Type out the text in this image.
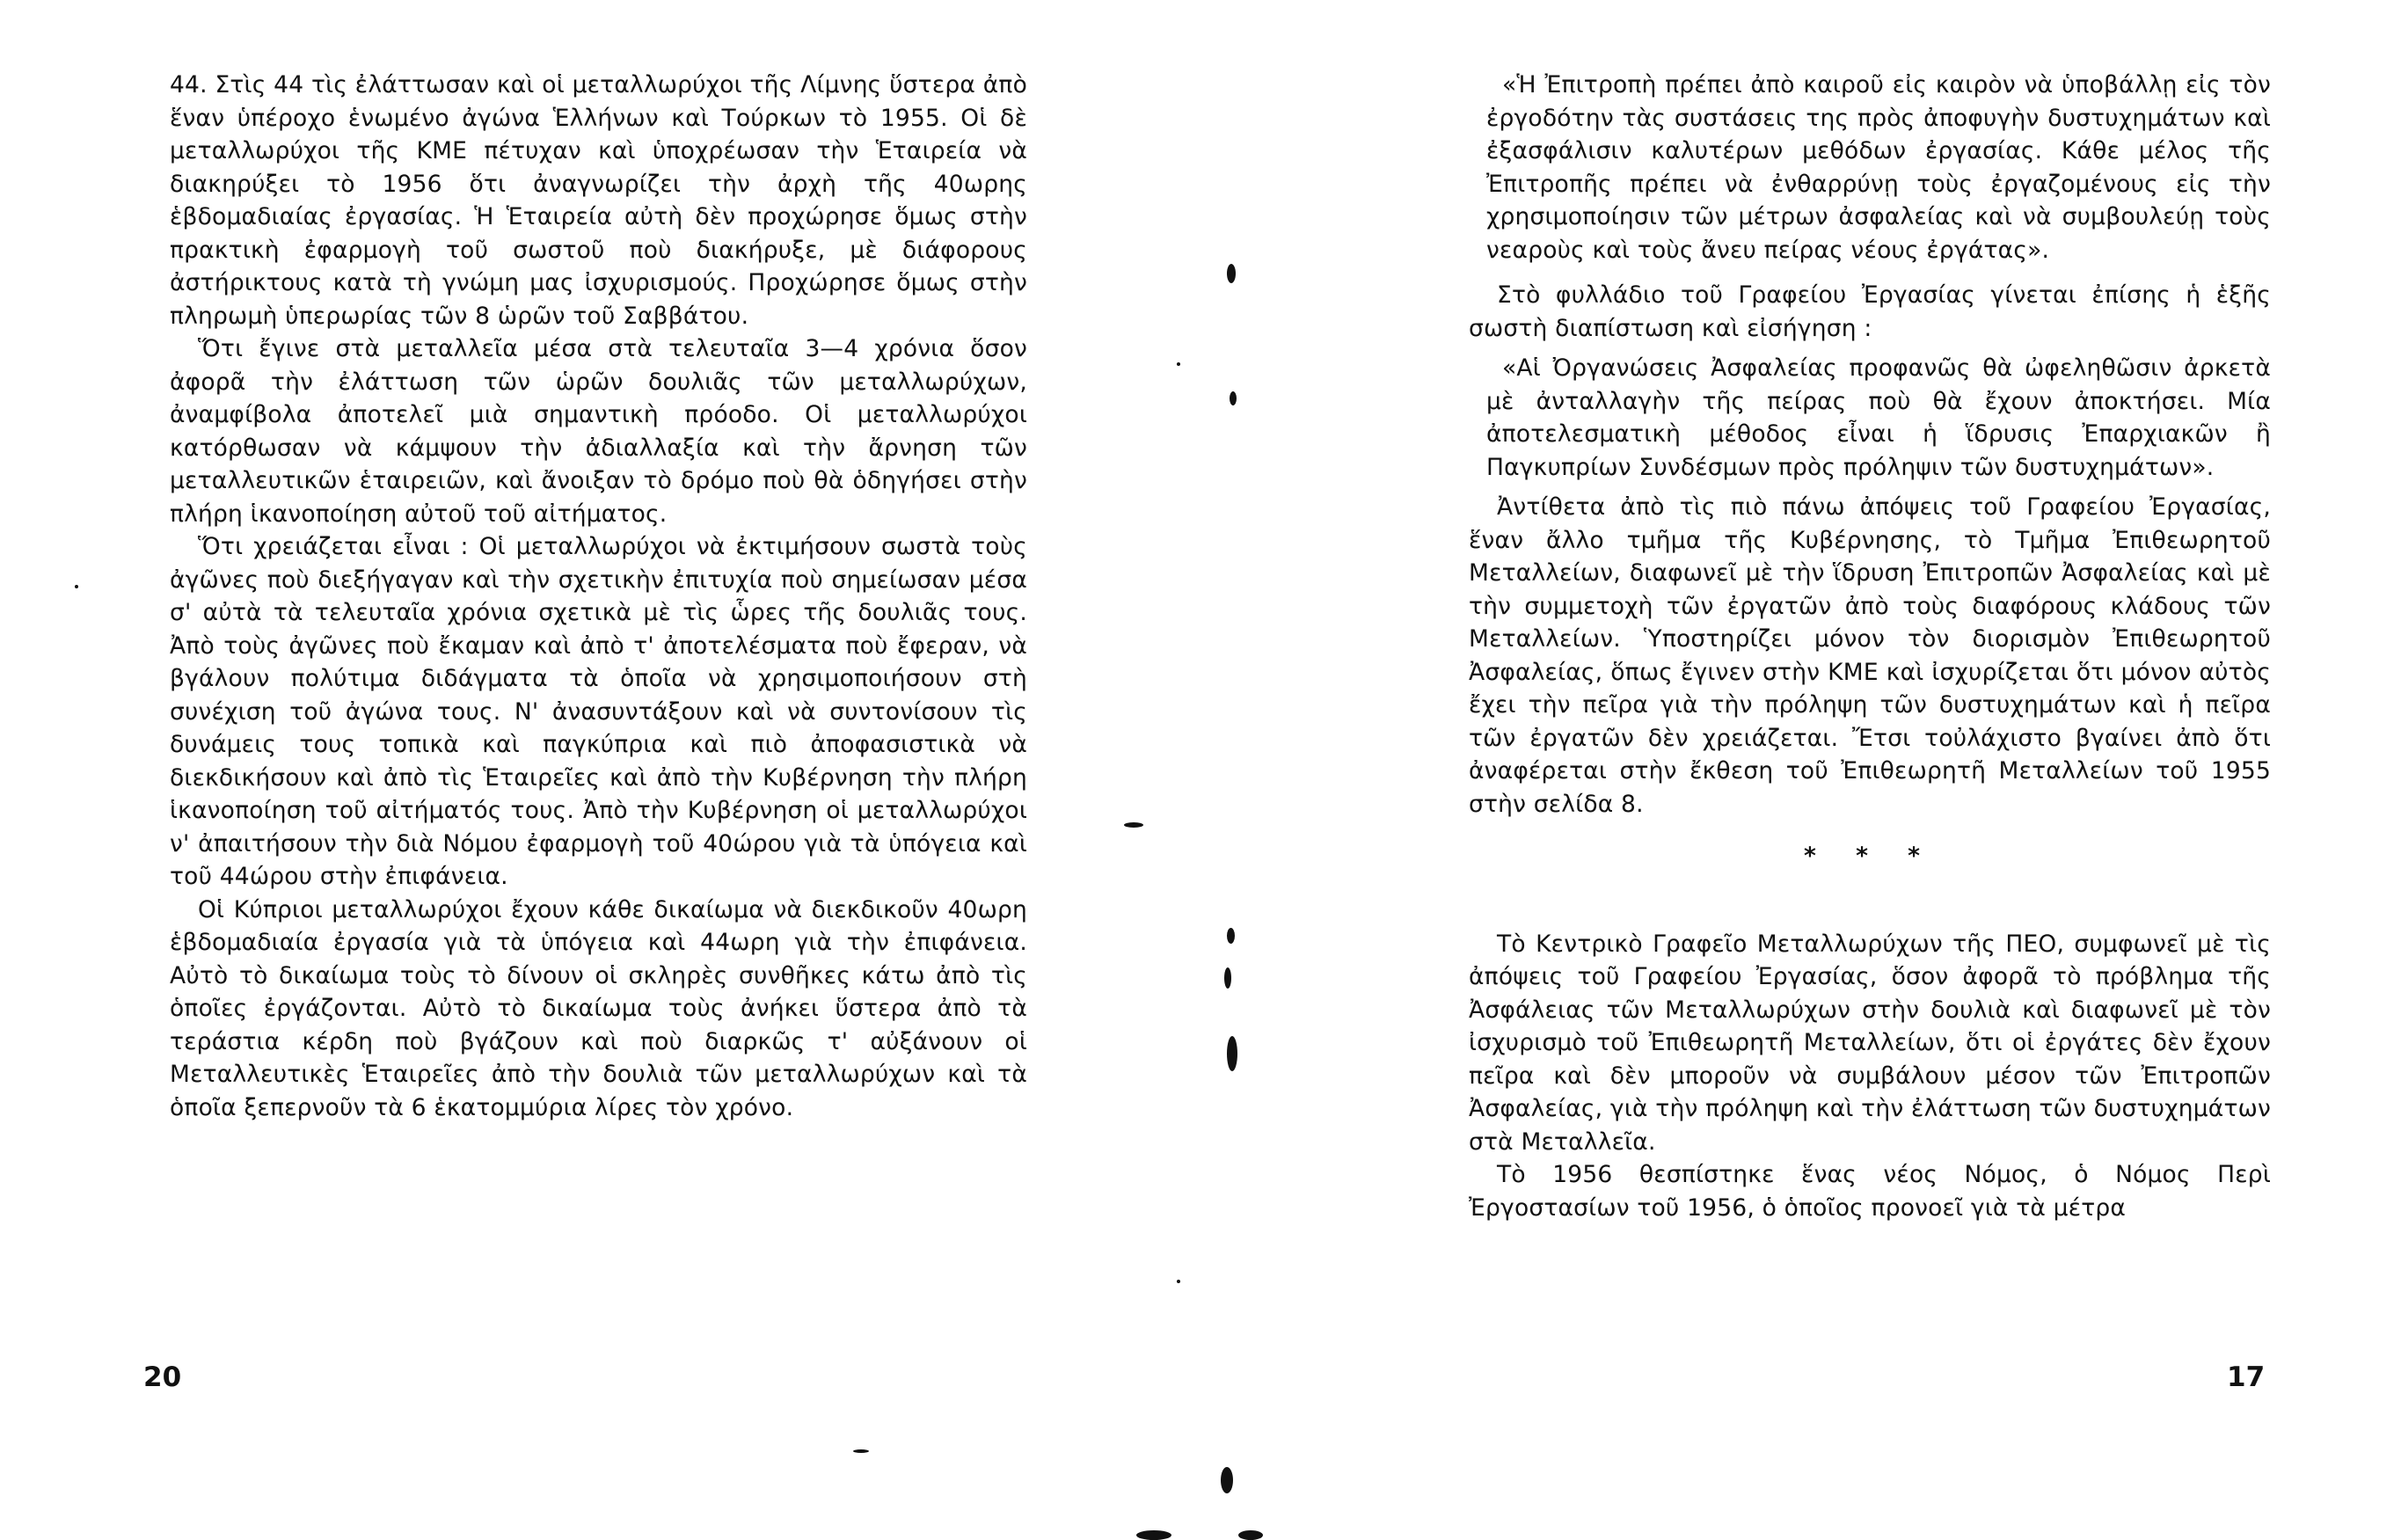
44. Στὶς 44 τὶς ἐλάττωσαν καὶ οἱ μεταλλωρύχοι τῆς Λίμνης ὕστερα ἀπὸ ἕναν ὑπέροχο ἑνωμένο ἀγώνα Ἑλλήνων καὶ Τούρκων τὸ 1955. Οἱ δὲ μεταλλωρύχοι τῆς ΚΜΕ πέτυχαν καὶ ὑποχρέωσαν τὴν Ἑταιρεία νὰ διακηρύξει τὸ 1956 ὅτι ἀναγνωρίζει τὴν ἀρχὴ τῆς 40ωρης ἑβδομαδιαίας ἐργασίας. Ἡ Ἑταιρεία αὐτὴ δὲν προχώρησε ὅμως στὴν πρακτικὴ ἐφαρμογὴ τοῦ σωστοῦ ποὺ διακήρυξε, μὲ διάφορους ἀστήρικτους κατὰ τὴ γνώμη μας ἰσχυρισμούς. Προχώρησε ὅμως στὴν πληρωμὴ ὑπερωρίας τῶν 8 ὡρῶν τοῦ Σαββάτου.

Ὅτι ἔγινε στὰ μεταλλεῖα μέσα στὰ τελευταῖα 3—4 χρόνια ὅσον ἀφορᾶ τὴν ἐλάττωση τῶν ὡρῶν δουλιᾶς τῶν μεταλλωρύχων, ἀναμφίβολα ἀποτελεῖ μιὰ σημαντικὴ πρόοδο. Οἱ μεταλλωρύχοι κατόρθωσαν νὰ κάμψουν τὴν ἀδιαλλαξία καὶ τὴν ἄρνηση τῶν μεταλλευτικῶν ἑταιρειῶν, καὶ ἄνοιξαν τὸ δρόμο ποὺ θὰ ὁδηγήσει στὴν πλήρη ἱκανοποίηση αὐτοῦ τοῦ αἰτήματος.

Ὅτι χρειάζεται εἶναι : Οἱ μεταλλωρύχοι νὰ ἐκτιμήσουν σωστὰ τοὺς ἀγῶνες ποὺ διεξήγαγαν καὶ τὴν σχετικὴν ἐπιτυχία ποὺ σημείωσαν μέσα σ' αὐτὰ τὰ τελευταῖα χρόνια σχετικὰ μὲ τὶς ὧρες τῆς δουλιᾶς τους. Ἀπὸ τοὺς ἀγῶνες ποὺ ἔκαμαν καὶ ἀπὸ τ' ἀποτελέσματα ποὺ ἔφεραν, νὰ βγάλουν πολύτιμα διδάγματα τὰ ὁποῖα νὰ χρησιμοποιήσουν στὴ συνέχιση τοῦ ἀγώνα τους. Ν' ἀνασυντάξουν καὶ νὰ συντονίσουν τὶς δυνάμεις τους τοπικὰ καὶ παγκύπρια καὶ πιὸ ἀποφασιστικὰ νὰ διεκδικήσουν καὶ ἀπὸ τὶς Ἑταιρεῖες καὶ ἀπὸ τὴν Κυβέρνηση τὴν πλήρη ἱκανοποίηση τοῦ αἰτήματός τους. Ἀπὸ τὴν Κυβέρνηση οἱ μεταλλωρύχοι ν' ἀπαιτήσουν τὴν διὰ Νόμου ἐφαρμογὴ τοῦ 40ώρου γιὰ τὰ ὑπόγεια καὶ τοῦ 44ώρου στὴν ἐπιφάνεια.

Οἱ Κύπριοι μεταλλωρύχοι ἔχουν κάθε δικαίωμα νὰ διεκδικοῦν 40ωρη ἑβδομαδιαία ἐργασία γιὰ τὰ ὑπόγεια καὶ 44ωρη γιὰ τὴν ἐπιφάνεια. Αὐτὸ τὸ δικαίωμα τοὺς τὸ δίνουν οἱ σκληρὲς συνθῆκες κάτω ἀπὸ τὶς ὁποῖες ἐργάζονται. Αὐτὸ τὸ δικαίωμα τοὺς ἀνήκει ὕστερα ἀπὸ τὰ τεράστια κέρδη ποὺ βγάζουν καὶ ποὺ διαρκῶς τ' αὐξάνουν οἱ Μεταλλευτικὲς Ἑταιρεῖες ἀπὸ τὴν δουλιὰ τῶν μεταλλωρύχων καὶ τὰ ὁποῖα ξεπερνοῦν τὰ 6 ἑκατομμύρια λίρες τὸν χρόνο.

20

«Ἡ Ἐπιτροπὴ πρέπει ἀπὸ καιροῦ εἰς καιρὸν νὰ ὑποβάλλῃ εἰς τὸν ἐργοδότην τὰς συστάσεις της πρὸς ἀποφυγὴν δυστυχημάτων καὶ ἐξασφάλισιν καλυτέρων μεθόδων ἐργασίας. Κάθε μέλος τῆς Ἐπιτροπῆς πρέπει νὰ ἐνθαρρύνῃ τοὺς ἐργαζομένους εἰς τὴν χρησιμοποίησιν τῶν μέτρων ἀσφαλείας καὶ νὰ συμβουλεύῃ τοὺς νεαροὺς καὶ τοὺς ἄνευ πείρας νέους ἐργάτας».

Στὸ φυλλάδιο τοῦ Γραφείου Ἐργασίας γίνεται ἐπίσης ἡ ἑξῆς σωστὴ διαπίστωση καὶ εἰσήγηση :

«Αἱ Ὀργανώσεις Ἀσφαλείας προφανῶς θὰ ὠφεληθῶσιν ἀρκετὰ μὲ ἀνταλλαγὴν τῆς πείρας ποὺ θὰ ἔχουν ἀποκτήσει. Μία ἀποτελεσματικὴ μέθοδος εἶναι ἡ ἵδρυσις Ἐπαρχιακῶν ἢ Παγκυπρίων Συνδέσμων πρὸς πρόληψιν τῶν δυστυχημάτων».

Ἀντίθετα ἀπὸ τὶς πιὸ πάνω ἀπόψεις τοῦ Γραφείου Ἐργασίας, ἕναν ἄλλο τμῆμα τῆς Κυβέρνησης, τὸ Τμῆμα Ἐπιθεωρητοῦ Μεταλλείων, διαφωνεῖ μὲ τὴν ἵδρυση Ἐπιτροπῶν Ἀσφαλείας καὶ μὲ τὴν συμμετοχὴ τῶν ἐργατῶν ἀπὸ τοὺς διαφόρους κλάδους τῶν Μεταλλείων. Ὑποστηρίζει μόνον τὸν διορισμὸν Ἐπιθεωρητοῦ Ἀσφαλείας, ὅπως ἔγινεν στὴν ΚΜΕ καὶ ἰσχυρίζεται ὅτι μόνον αὐτὸς ἔχει τὴν πεῖρα γιὰ τὴν πρόληψη τῶν δυστυχημάτων καὶ ἡ πεῖρα τῶν ἐργατῶν δὲν χρειάζεται. Ἔτσι τοὐλάχιστο βγαίνει ἀπὸ ὅτι ἀναφέρεται στὴν ἔκθεση τοῦ Ἐπιθεωρητῆ Μεταλλείων τοῦ 1955 στὴν σελίδα 8.

* * *

Τὸ Κεντρικὸ Γραφεῖο Μεταλλωρύχων τῆς ΠΕΟ, συμφωνεῖ μὲ τὶς ἀπόψεις τοῦ Γραφείου Ἐργασίας, ὅσον ἀφορᾶ τὸ πρόβλημα τῆς Ἀσφάλειας τῶν Μεταλλωρύχων στὴν δουλιὰ καὶ διαφωνεῖ μὲ τὸν ἰσχυρισμὸ τοῦ Ἐπιθεωρητῆ Μεταλλείων, ὅτι οἱ ἐργάτες δὲν ἔχουν πεῖρα καὶ δὲν μποροῦν νὰ συμβάλουν μέσον τῶν Ἐπιτροπῶν Ἀσφαλείας, γιὰ τὴν πρόληψη καὶ τὴν ἐλάττωση τῶν δυστυχημάτων στὰ Μεταλλεῖα.

Τὸ 1956 θεσπίστηκε ἕνας νέος Νόμος, ὁ Νόμος Περὶ Ἐργοστασίων τοῦ 1956, ὁ ὁποῖος προνοεῖ γιὰ τὰ μέτρα

17
